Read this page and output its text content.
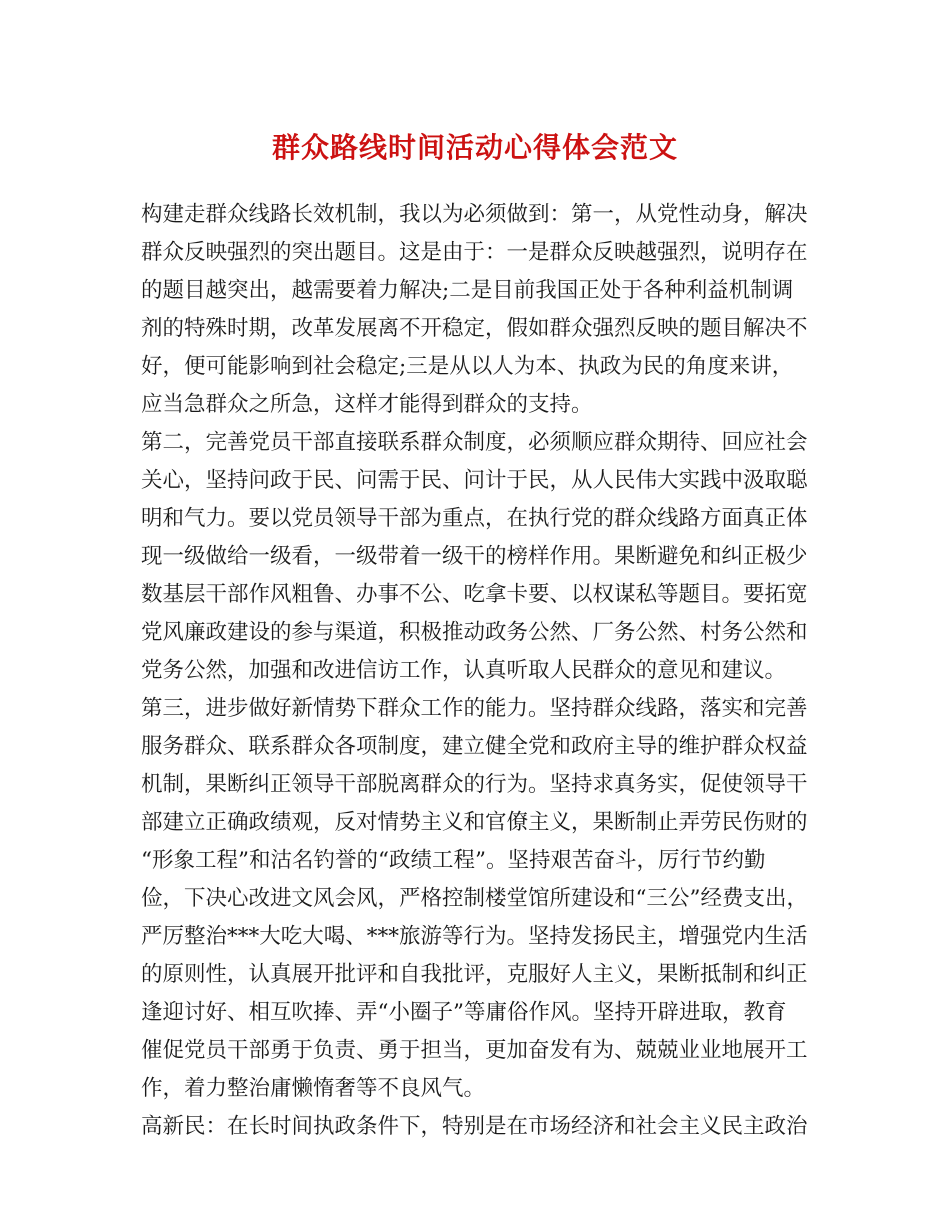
群众路线时间活动心得体会范文
构建走群众线路长效机制，我以为必须做到：第一，从党性动身，解决
群众反映强烈的突出题目。这是由于：一是群众反映越强烈，说明存在
的题目越突出，越需要着力解决;二是目前我国正处于各种利益机制调
剂的特殊时期，改革发展离不开稳定，假如群众强烈反映的题目解决不
好，便可能影响到社会稳定;三是从以人为本、执政为民的角度来讲，
应当急群众之所急，这样才能得到群众的支持。
第二，完善党员干部直接联系群众制度，必须顺应群众期待、回应社会
关心，坚持问政于民、问需于民、问计于民，从人民伟大实践中汲取聪
明和气力。要以党员领导干部为重点，在执行党的群众线路方面真正体
现一级做给一级看，一级带着一级干的榜样作用。果断避免和纠正极少
数基层干部作风粗鲁、办事不公、吃拿卡要、以权谋私等题目。要拓宽
党风廉政建设的参与渠道，积极推动政务公然、厂务公然、村务公然和
党务公然，加强和改进信访工作，认真听取人民群众的意见和建议。
第三，进步做好新情势下群众工作的能力。坚持群众线路，落实和完善
服务群众、联系群众各项制度，建立健全党和政府主导的维护群众权益
机制，果断纠正领导干部脱离群众的行为。坚持求真务实，促使领导干
部建立正确政绩观，反对情势主义和官僚主义，果断制止弄劳民伤财的
“形象工程”和沽名钓誉的“政绩工程”。坚持艰苦奋斗，厉行节约勤
俭，下决心改进文风会风，严格控制楼堂馆所建设和“三公”经费支出，
严厉整治***大吃大喝、***旅游等行为。坚持发扬民主，增强党内生活
的原则性，认真展开批评和自我批评，克服好人主义，果断抵制和纠正
逢迎讨好、相互吹捧、弄“小圈子”等庸俗作风。坚持开辟进取，教育
催促党员干部勇于负责、勇于担当，更加奋发有为、兢兢业业地展开工
作，着力整治庸懒惰奢等不良风气。
高新民：在长时间执政条件下，特别是在市场经济和社会主义民主政治
